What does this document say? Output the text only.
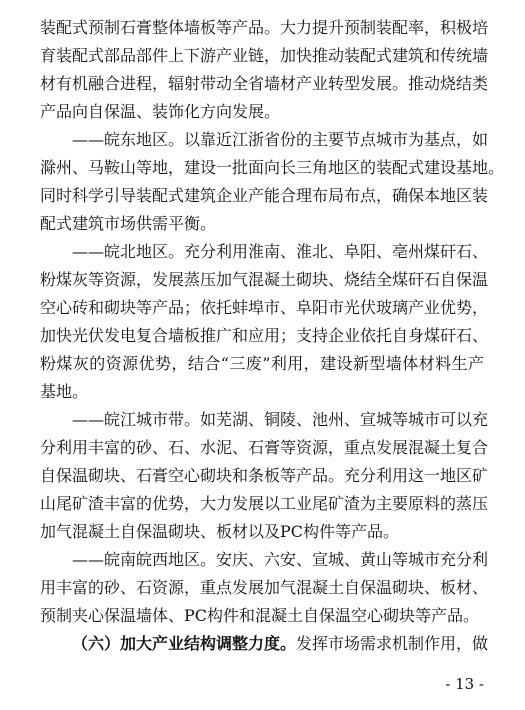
装配式预制石膏整体墙板等产品。大力提升预制装配率，积极培
育装配式部品部件上下游产业链，加快推动装配式建筑和传统墙
材有机融合进程，辐射带动全省墙材产业转型发展。推动烧结类
产品向自保温、装饰化方向发展。
——皖东地区。以靠近江浙省份的主要节点城市为基点，如
滁州、马鞍山等地，建设一批面向长三角地区的装配式建设基地。
同时科学引导装配式建筑企业产能合理布局布点，确保本地区装
配式建筑市场供需平衡。
——皖北地区。充分利用淮南、淮北、阜阳、亳州煤矸石、
粉煤灰等资源，发展蒸压加气混凝土砌块、烧结全煤矸石自保温
空心砖和砌块等产品；依托蚌埠市、阜阳市光伏玻璃产业优势，
加快光伏发电复合墙板推广和应用；支持企业依托自身煤矸石、
粉煤灰的资源优势，结合“三废”利用，建设新型墙体材料生产
基地。
——皖江城市带。如芜湖、铜陵、池州、宣城等城市可以充
分利用丰富的砂、石、水泥、石膏等资源，重点发展混凝土复合
自保温砌块、石膏空心砌块和条板等产品。充分利用这一地区矿
山尾矿渣丰富的优势，大力发展以工业尾矿渣为主要原料的蒸压
加气混凝土自保温砌块、板材以及PC构件等产品。
——皖南皖西地区。安庆、六安、宣城、黄山等城市充分利
用丰富的砂、石资源，重点发展加气混凝土自保温砌块、板材、
预制夹心保温墙体、PC构件和混凝土自保温空心砌块等产品。
（六）加大产业结构调整力度。发挥市场需求机制作用，做
- 13 -
